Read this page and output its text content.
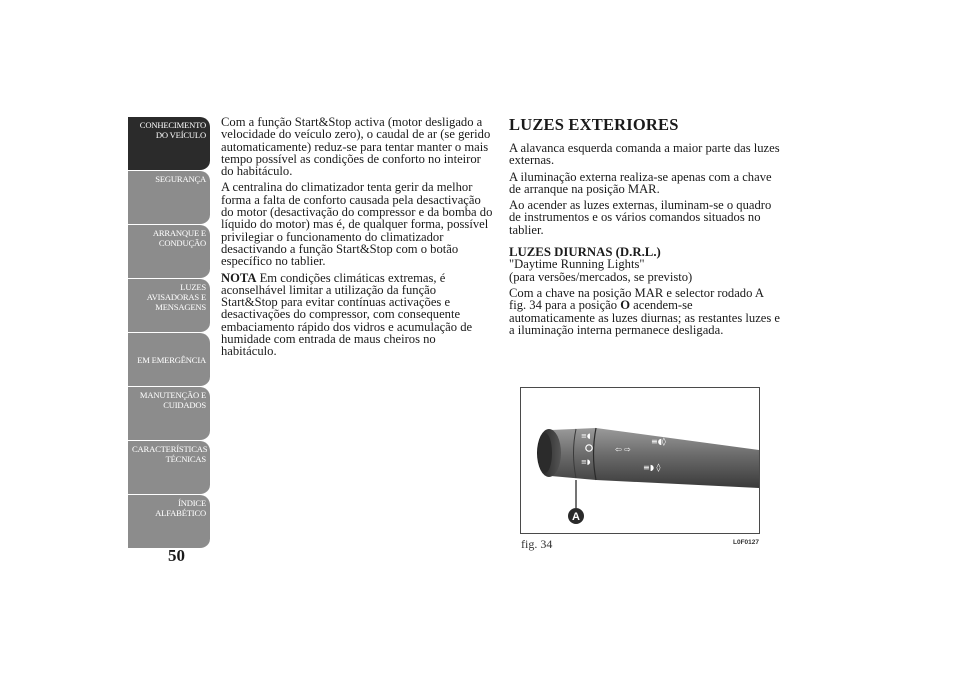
CONHECIMENTO
DO VEÍCULO
SEGURANÇA
ARRANQUE E
CONDUÇÃO
LUZES
AVISADORAS E
MENSAGENS
EM EMERGÊNCIA
MANUTENÇÃO E
CUIDADOS
CARACTERÍSTICAS
TÉCNICAS
ÍNDICE
ALFABÉTICO
50

Com a função Start&Stop activa (motor desligado a velocidade do veículo zero), o caudal de ar (se gerido automaticamente) reduz-se para tentar manter o mais tempo possível as condições de conforto no inteiror do habitáculo.

A centralina do climatizador tenta gerir da melhor forma a falta de conforto causada pela desactivação do motor (desactivação do compressor e da bomba do líquido do motor) mas é, de qualquer forma, possível privilegiar o funcionamento do climatizador desactivando a função Start&Stop com o botão específico no tablier.

NOTA Em condições climáticas extremas, é aconselhável limitar a utilização da função Start&Stop para evitar contínuas activações e desactivações do compressor, com consequente embaciamento rápido dos vidros e acumulação de humidade com entrada de maus cheiros no habitáculo.

LUZES EXTERIORES

A alavanca esquerda comanda a maior parte das luzes externas.

A iluminação externa realiza-se apenas com a chave de arranque na posição MAR.

Ao acender as luzes externas, iluminam-se o quadro de instrumentos e os vários comandos situados no tablier.

LUZES DIURNAS (D.R.L.)
"Daytime Running Lights"
(para versões/mercados, se previsto)

Com a chave na posição MAR e selector rodado A fig. 34 para a posição O acendem-se automaticamente as luzes diurnas; as restantes luzes e a iluminação interna permanece desligada.

≡◖
≡◗
⇦ ⇨
≡◖◊
≡◗ ◊
A
fig. 34	L0F0127
